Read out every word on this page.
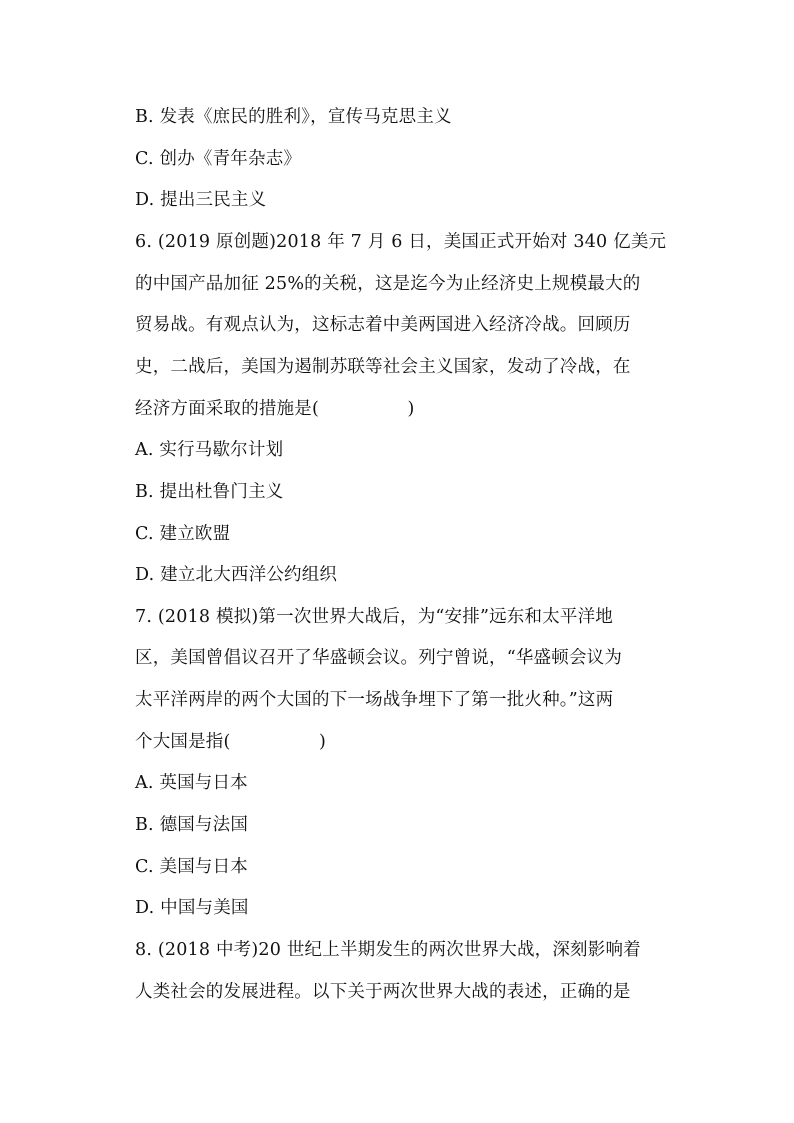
B. 发表《庶民的胜利》，宣传马克思主义
C. 创办《青年杂志》
D. 提出三民主义
6. (2019 原创题)2018 年 7 月 6 日，美国正式开始对 340 亿美元
的中国产品加征 25%的关税，这是迄今为止经济史上规模最大的
贸易战。有观点认为，这标志着中美两国进入经济冷战。回顾历
史，二战后，美国为遏制苏联等社会主义国家，发动了冷战，在
经济方面采取的措施是(　　　　　)
A. 实行马歇尔计划
B. 提出杜鲁门主义
C. 建立欧盟
D. 建立北大西洋公约组织
7. (2018 模拟)第一次世界大战后，为“安排”远东和太平洋地
区，美国曾倡议召开了华盛顿会议。列宁曾说，“华盛顿会议为
太平洋两岸的两个大国的下一场战争埋下了第一批火种。”这两
个大国是指(　　　　　)
A. 英国与日本
B. 德国与法国
C. 美国与日本
D. 中国与美国
8. (2018 中考)20 世纪上半期发生的两次世界大战，深刻影响着
人类社会的发展进程。以下关于两次世界大战的表述，正确的是
